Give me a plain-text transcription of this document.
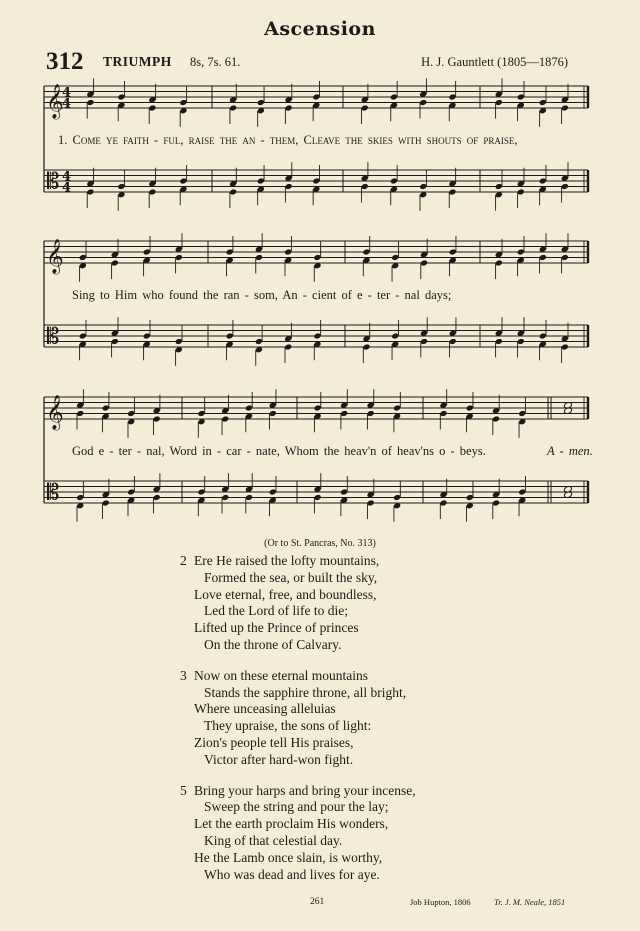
Ascension
312 TRIUMPH 8s, 7s. 61.	H. J. Gauntlett (1805—1876)
𝄞
𝄡
4
4
4
4
1. Come ye faith - ful, raise the an - them, Cleave the skies with shouts of praise,
𝄞
𝄡
Sing to Him who found the ran - som, An - cient of e - ter - nal days;
𝄞
𝄡
God e - ter - nal, Word in - car - nate, Whom the heav'n of heav'ns o - beys.	A - men.
(Or to St. Pancras, No. 313)
2 Ere He raised the lofty mountains,
Formed the sea, or built the sky,
Love eternal, free, and boundless,
Led the Lord of life to die;
Lifted up the Prince of princes
On the throne of Calvary.
3 Now on these eternal mountains
Stands the sapphire throne, all bright,
Where unceasing alleluias
They upraise, the sons of light:
Zion's people tell His praises,
Victor after hard-won fight.
5 Bring your harps and bring your incense,
Sweep the string and pour the lay;
Let the earth proclaim His wonders,
King of that celestial day.
He the Lamb once slain, is worthy,
Who was dead and lives for aye.
261	Job Hupton, 1806	Tr. J. M. Neale, 1851
